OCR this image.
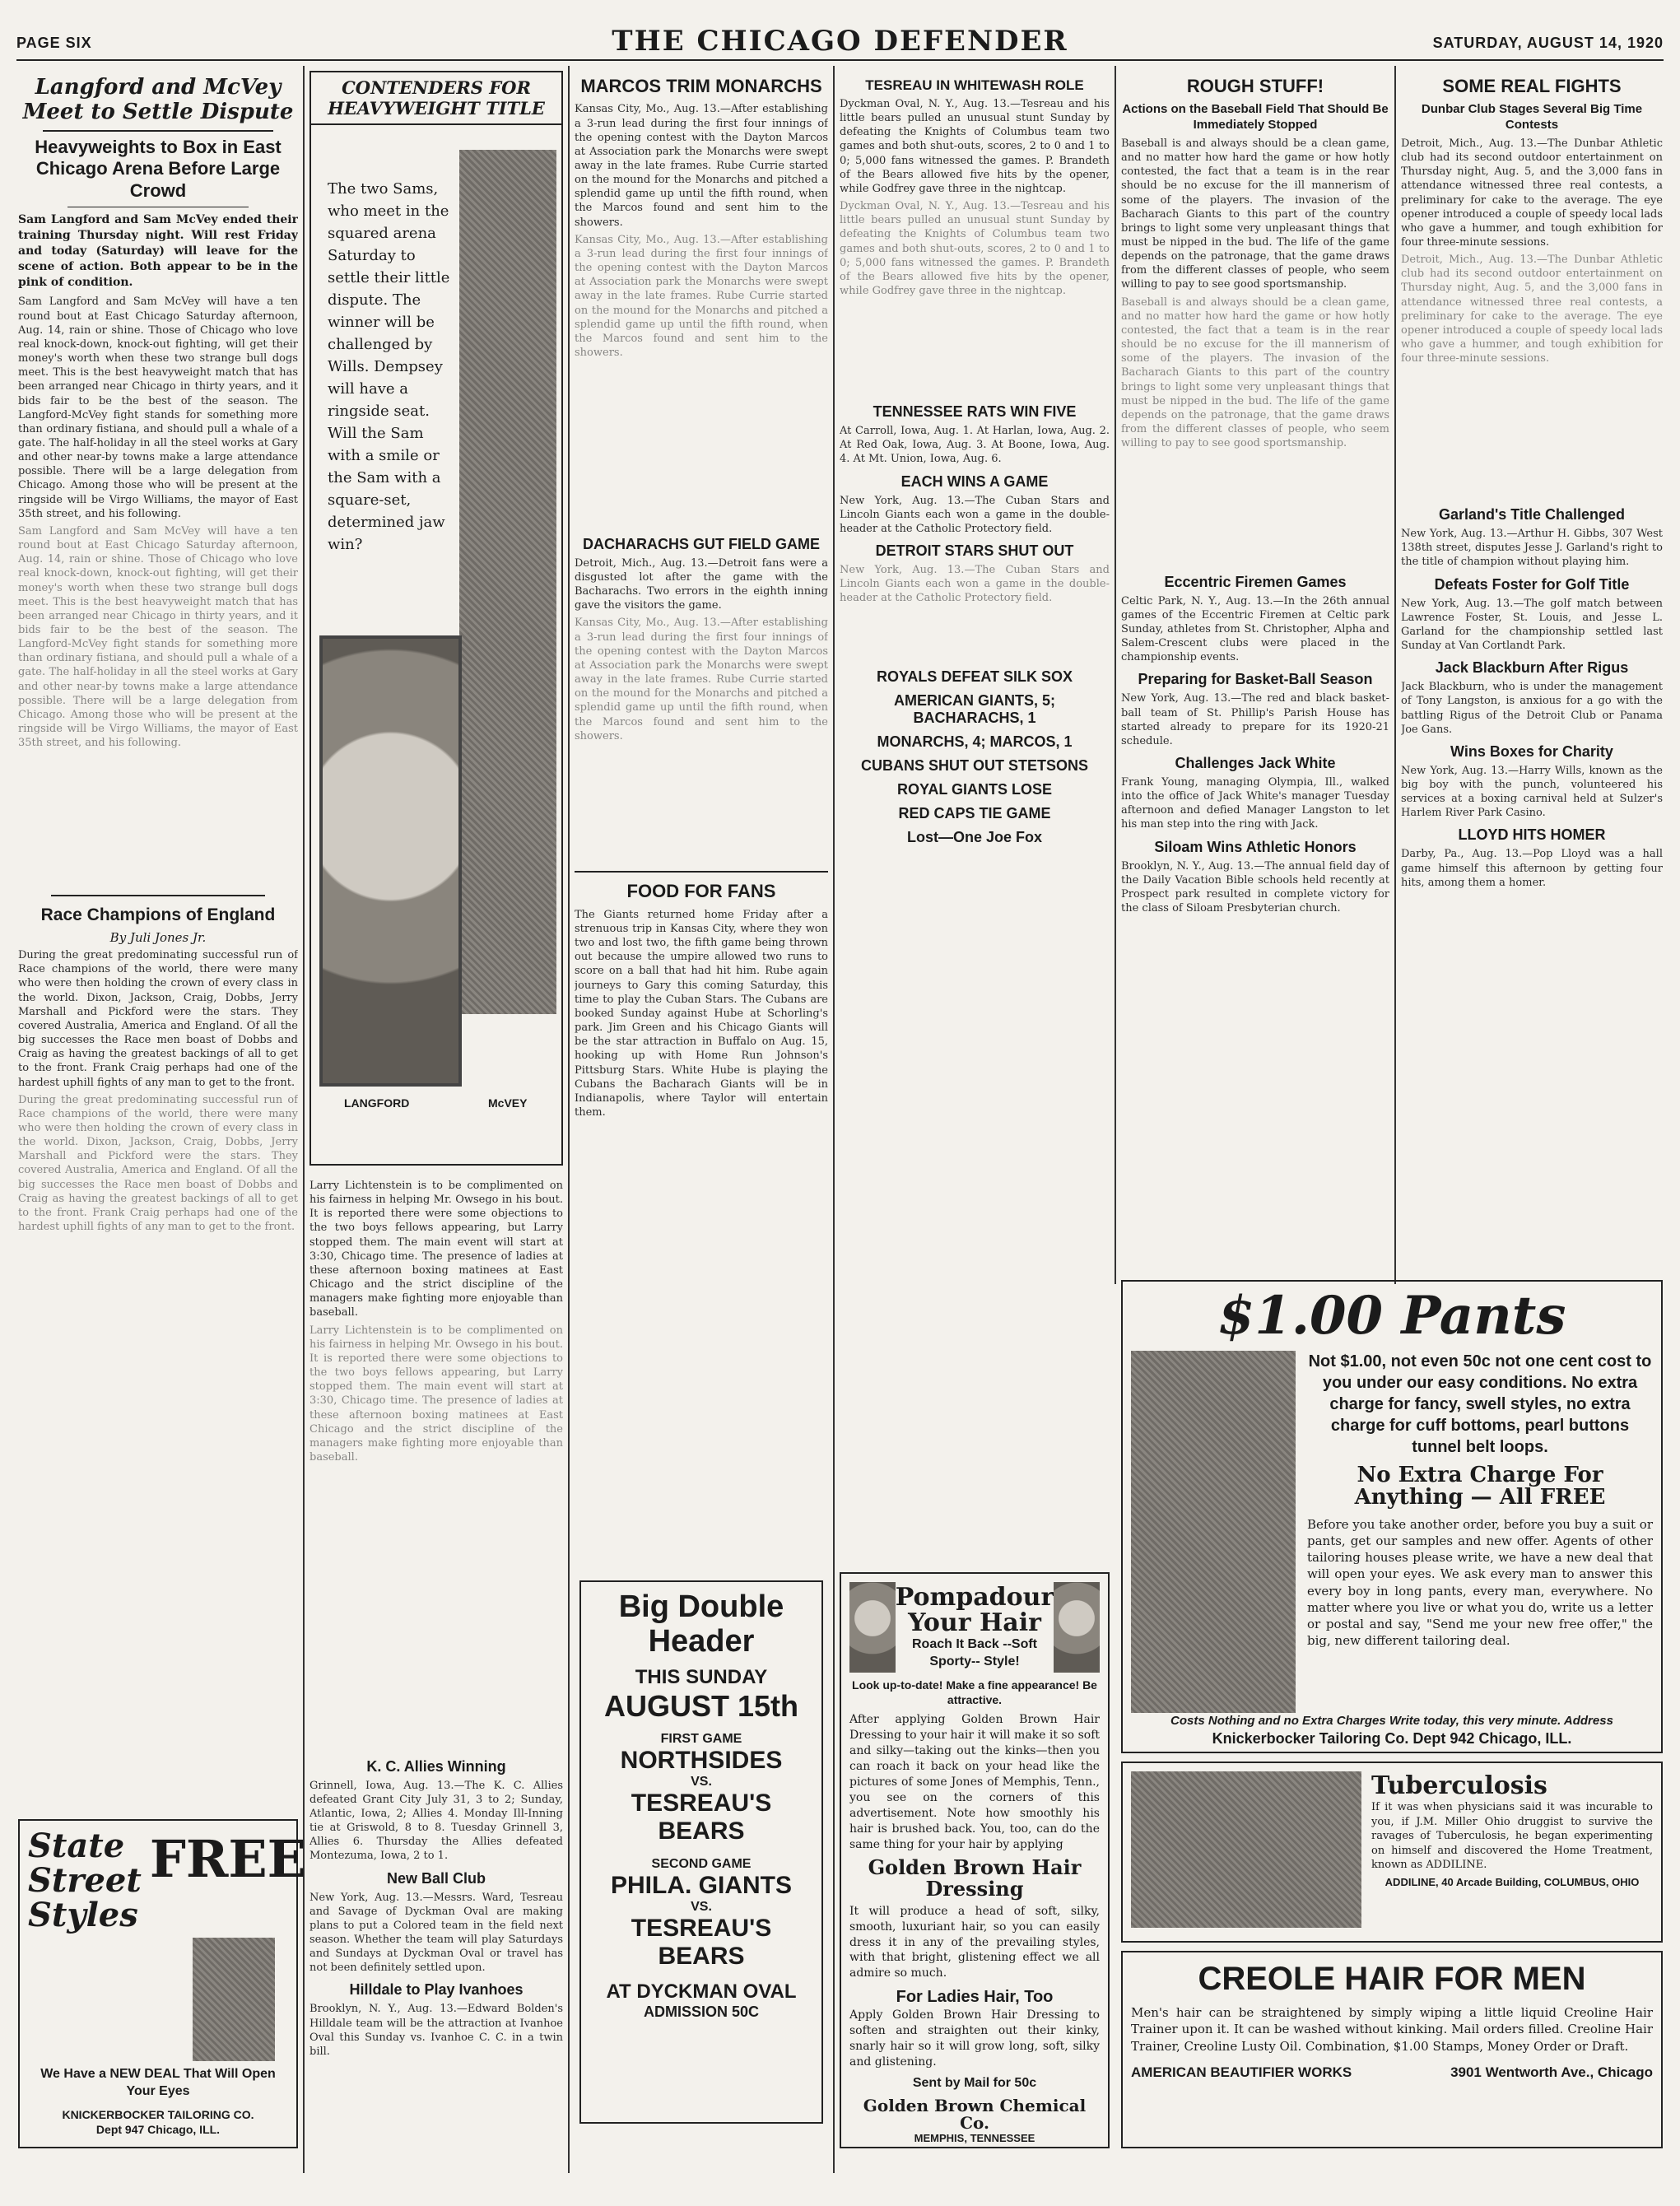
PAGE SIX	THE CHICAGO DEFENDER	SATURDAY, AUGUST 14, 1920
Langford and McVey Meet to Settle Dispute
Heavyweights to Box in East Chicago Arena Before Large Crowd
Sam Langford and Sam McVey ended their training Thursday night. Will rest Friday and today (Saturday) will leave for the scene of action. Both appear to be in the pink of condition.
Sam Langford and Sam McVey will have a ten round bout at East Chicago Saturday afternoon, Aug. 14, rain or shine. Those of Chicago who love real knock-down, knock-out fighting, will get their money's worth when these two strange bull dogs meet. This is the best heavyweight match that has been arranged near Chicago in thirty years, and it bids fair to be the best of the season. The Langford-McVey fight stands for something more than ordinary fistiana, and should pull a whale of a gate. The half-holiday in all the steel works at Gary and other near-by towns make a large attendance possible. There will be a large delegation from Chicago. Among those who will be present at the ringside will be Virgo Williams, the mayor of East 35th street, and his following.
Sam Langford and Sam McVey will have a ten round bout at East Chicago Saturday afternoon, Aug. 14, rain or shine. Those of Chicago who love real knock-down, knock-out fighting, will get their money's worth when these two strange bull dogs meet. This is the best heavyweight match that has been arranged near Chicago in thirty years, and it bids fair to be the best of the season. The Langford-McVey fight stands for something more than ordinary fistiana, and should pull a whale of a gate. The half-holiday in all the steel works at Gary and other near-by towns make a large attendance possible. There will be a large delegation from Chicago. Among those who will be present at the ringside will be Virgo Williams, the mayor of East 35th street, and his following.
Race Champions of England
By Juli Jones Jr.
During the great predominating successful run of Race champions of the world, there were many who were then holding the crown of every class in the world. Dixon, Jackson, Craig, Dobbs, Jerry Marshall and Pickford were the stars. They covered Australia, America and England. Of all the big successes the Race men boast of Dobbs and Craig as having the greatest backings of all to get to the front. Frank Craig perhaps had one of the hardest uphill fights of any man to get to the front.
During the great predominating successful run of Race champions of the world, there were many who were then holding the crown of every class in the world. Dixon, Jackson, Craig, Dobbs, Jerry Marshall and Pickford were the stars. They covered Australia, America and England. Of all the big successes the Race men boast of Dobbs and Craig as having the greatest backings of all to get to the front. Frank Craig perhaps had one of the hardest uphill fights of any man to get to the front.
State
Street
Styles
FREE
We Have a NEW DEAL That Will Open Your Eyes
KNICKERBOCKER TAILORING CO.
Dept 947 Chicago, ILL.
CONTENDERS FOR HEAVYWEIGHT TITLE
The two Sams, who meet in the squared arena Saturday to settle their little dispute. The winner will be challenged by Wills. Dempsey will have a ringside seat. Will the Sam with a smile or the Sam with a square-set, determined jaw win?
LANGFORD	McVEY
Larry Lichtenstein is to be complimented on his fairness in helping Mr. Owsego in his bout. It is reported there were some objections to the two boys fellows appearing, but Larry stopped them. The main event will start at 3:30, Chicago time. The presence of ladies at these afternoon boxing matinees at East Chicago and the strict discipline of the managers make fighting more enjoyable than baseball.
Larry Lichtenstein is to be complimented on his fairness in helping Mr. Owsego in his bout. It is reported there were some objections to the two boys fellows appearing, but Larry stopped them. The main event will start at 3:30, Chicago time. The presence of ladies at these afternoon boxing matinees at East Chicago and the strict discipline of the managers make fighting more enjoyable than baseball.
K. C. Allies Winning
Grinnell, Iowa, Aug. 13.—The K. C. Allies defeated Grant City July 31, 3 to 2; Sunday, Atlantic, Iowa, 2; Allies 4. Monday Ill-Inning tie at Griswold, 8 to 8. Tuesday Grinnell 3, Allies 6. Thursday the Allies defeated Montezuma, Iowa, 2 to 1.
New Ball Club
New York, Aug. 13.—Messrs. Ward, Tesreau and Savage of Dyckman Oval are making plans to put a Colored team in the field next season. Whether the team will play Saturdays and Sundays at Dyckman Oval or travel has not been definitely settled upon.
Hilldale to Play Ivanhoes
Brooklyn, N. Y., Aug. 13.—Edward Bolden's Hilldale team will be the attraction at Ivanhoe Oval this Sunday vs. Ivanhoe C. C. in a twin bill.
MARCOS TRIM MONARCHS
Kansas City, Mo., Aug. 13.—After establishing a 3-run lead during the first four innings of the opening contest with the Dayton Marcos at Association park the Monarchs were swept away in the late frames. Rube Currie started on the mound for the Monarchs and pitched a splendid game up until the fifth round, when the Marcos found and sent him to the showers.
Kansas City, Mo., Aug. 13.—After establishing a 3-run lead during the first four innings of the opening contest with the Dayton Marcos at Association park the Monarchs were swept away in the late frames. Rube Currie started on the mound for the Monarchs and pitched a splendid game up until the fifth round, when the Marcos found and sent him to the showers.
DACHARACHS GUT FIELD GAME
Detroit, Mich., Aug. 13.—Detroit fans were a disgusted lot after the game with the Bacharachs. Two errors in the eighth inning gave the visitors the game.
Kansas City, Mo., Aug. 13.—After establishing a 3-run lead during the first four innings of the opening contest with the Dayton Marcos at Association park the Monarchs were swept away in the late frames. Rube Currie started on the mound for the Monarchs and pitched a splendid game up until the fifth round, when the Marcos found and sent him to the showers.
FOOD FOR FANS
The Giants returned home Friday after a strenuous trip in Kansas City, where they won two and lost two, the fifth game being thrown out because the umpire allowed two runs to score on a ball that had hit him. Rube again journeys to Gary this coming Saturday, this time to play the Cuban Stars. The Cubans are booked Sunday against Hube at Schorling's park. Jim Green and his Chicago Giants will be the star attraction in Buffalo on Aug. 15, hooking up with Home Run Johnson's Pittsburg Stars. White Hube is playing the Cubans the Bacharach Giants will be in Indianapolis, where Taylor will entertain them.
Big Double Header
THIS SUNDAY
AUGUST 15th
FIRST GAME
NORTHSIDES
VS.
TESREAU'S BEARS
SECOND GAME
PHILA. GIANTS
VS.
TESREAU'S BEARS
AT DYCKMAN OVAL
ADMISSION 50C
TESREAU IN WHITEWASH ROLE
Dyckman Oval, N. Y., Aug. 13.—Tesreau and his little bears pulled an unusual stunt Sunday by defeating the Knights of Columbus team two games and both shut-outs, scores, 2 to 0 and 1 to 0; 5,000 fans witnessed the games. P. Brandeth of the Bears allowed five hits by the opener, while Godfrey gave three in the nightcap.
Dyckman Oval, N. Y., Aug. 13.—Tesreau and his little bears pulled an unusual stunt Sunday by defeating the Knights of Columbus team two games and both shut-outs, scores, 2 to 0 and 1 to 0; 5,000 fans witnessed the games. P. Brandeth of the Bears allowed five hits by the opener, while Godfrey gave three in the nightcap.
TENNESSEE RATS WIN FIVE
At Carroll, Iowa, Aug. 1. At Harlan, Iowa, Aug. 2. At Red Oak, Iowa, Aug. 3. At Boone, Iowa, Aug. 4. At Mt. Union, Iowa, Aug. 6.
EACH WINS A GAME
New York, Aug. 13.—The Cuban Stars and Lincoln Giants each won a game in the double-header at the Catholic Protectory field.
DETROIT STARS SHUT OUT
New York, Aug. 13.—The Cuban Stars and Lincoln Giants each won a game in the double-header at the Catholic Protectory field.
ROYALS DEFEAT SILK SOX
AMERICAN GIANTS, 5; BACHARACHS, 1
MONARCHS, 4; MARCOS, 1
CUBANS SHUT OUT STETSONS
ROYAL GIANTS LOSE
RED CAPS TIE GAME
Lost—One Joe Fox
ROUGH STUFF!
Actions on the Baseball Field That Should Be Immediately Stopped
Baseball is and always should be a clean game, and no matter how hard the game or how hotly contested, the fact that a team is in the rear should be no excuse for the ill mannerism of some of the players. The invasion of the Bacharach Giants to this part of the country brings to light some very unpleasant things that must be nipped in the bud. The life of the game depends on the patronage, that the game draws from the different classes of people, who seem willing to pay to see good sportsmanship.
Baseball is and always should be a clean game, and no matter how hard the game or how hotly contested, the fact that a team is in the rear should be no excuse for the ill mannerism of some of the players. The invasion of the Bacharach Giants to this part of the country brings to light some very unpleasant things that must be nipped in the bud. The life of the game depends on the patronage, that the game draws from the different classes of people, who seem willing to pay to see good sportsmanship.
Eccentric Firemen Games
Celtic Park, N. Y., Aug. 13.—In the 26th annual games of the Eccentric Firemen at Celtic park Sunday, athletes from St. Christopher, Alpha and Salem-Crescent clubs were placed in the championship events.
Preparing for Basket-Ball Season
New York, Aug. 13.—The red and black basket-ball team of St. Phillip's Parish House has started already to prepare for its 1920-21 schedule.
Challenges Jack White
Frank Young, managing Olympia, Ill., walked into the office of Jack White's manager Tuesday afternoon and defied Manager Langston to let his man step into the ring with Jack.
Siloam Wins Athletic Honors
Brooklyn, N. Y., Aug. 13.—The annual field day of the Daily Vacation Bible schools held recently at Prospect park resulted in complete victory for the class of Siloam Presbyterian church.
SOME REAL FIGHTS
Dunbar Club Stages Several Big Time Contests
Detroit, Mich., Aug. 13.—The Dunbar Athletic club had its second outdoor entertainment on Thursday night, Aug. 5, and the 3,000 fans in attendance witnessed three real contests, a preliminary for cake to the average. The eye opener introduced a couple of speedy local lads who gave a hummer, and tough exhibition for four three-minute sessions.
Detroit, Mich., Aug. 13.—The Dunbar Athletic club had its second outdoor entertainment on Thursday night, Aug. 5, and the 3,000 fans in attendance witnessed three real contests, a preliminary for cake to the average. The eye opener introduced a couple of speedy local lads who gave a hummer, and tough exhibition for four three-minute sessions.
Garland's Title Challenged
New York, Aug. 13.—Arthur H. Gibbs, 307 West 138th street, disputes Jesse J. Garland's right to the title of champion without playing him.
Defeats Foster for Golf Title
New York, Aug. 13.—The golf match between Lawrence Foster, St. Louis, and Jesse L. Garland for the championship settled last Sunday at Van Cortlandt Park.
Jack Blackburn After Rigus
Jack Blackburn, who is under the management of Tony Langston, is anxious for a go with the battling Rigus of the Detroit Club or Panama Joe Gans.
Wins Boxes for Charity
New York, Aug. 13.—Harry Wills, known as the big boy with the punch, volunteered his services at a boxing carnival held at Sulzer's Harlem River Park Casino.
LLOYD HITS HOMER
Darby, Pa., Aug. 13.—Pop Lloyd was a hall game himself this afternoon by getting four hits, among them a homer.
Pompadour Your Hair
Roach It Back --Soft Sporty-- Style!
Look up-to-date! Make a fine appearance! Be attractive.
After applying Golden Brown Hair Dressing to your hair it will make it so soft and silky—taking out the kinks—then you can roach it back on your head like the pictures of some Jones of Memphis, Tenn., you see on the corners of this advertisement. Note how smoothly his hair is brushed back. You, too, can do the same thing for your hair by applying
Golden Brown Hair Dressing
It will produce a head of soft, silky, smooth, luxuriant hair, so you can easily dress it in any of the prevailing styles, with that bright, glistening effect we all admire so much.
For Ladies Hair, Too
Apply Golden Brown Hair Dressing to soften and straighten out their kinky, snarly hair so it will grow long, soft, silky and glistening.
Sent by Mail for 50c
Golden Brown Chemical Co.
MEMPHIS, TENNESSEE
$1.00 Pants
Not $1.00, not even 50c not one cent cost to you under our easy conditions. No extra charge for fancy, swell styles, no extra charge for cuff bottoms, pearl buttons tunnel belt loops.
No Extra Charge For Anything — All FREE
Before you take another order, before you buy a suit or pants, get our samples and new offer. Agents of other tailoring houses please write, we have a new deal that will open your eyes. We ask every man to answer this every boy in long pants, every man, everywhere. No matter where you live or what you do, write us a letter or postal and say, "Send me your new free offer," the big, new different tailoring deal.
Costs Nothing and no Extra Charges Write today, this very minute. Address
Knickerbocker Tailoring Co. Dept 942 Chicago, ILL.
Tuberculosis
If it was when physicians said it was incurable to you, if J.M. Miller Ohio druggist to survive the ravages of Tuberculosis, he began experimenting on himself and discovered the Home Treatment, known as ADDILINE.
ADDILINE, 40 Arcade Building, COLUMBUS, OHIO
CREOLE HAIR FOR MEN
Men's hair can be straightened by simply wiping a little liquid Creoline Hair Trainer upon it. It can be washed without kinking. Mail orders filled. Creoline Hair Trainer, Creoline Lusty Oil. Combination, $1.00 Stamps, Money Order or Draft.
AMERICAN BEAUTIFIER WORKS	3901 Wentworth Ave., Chicago
